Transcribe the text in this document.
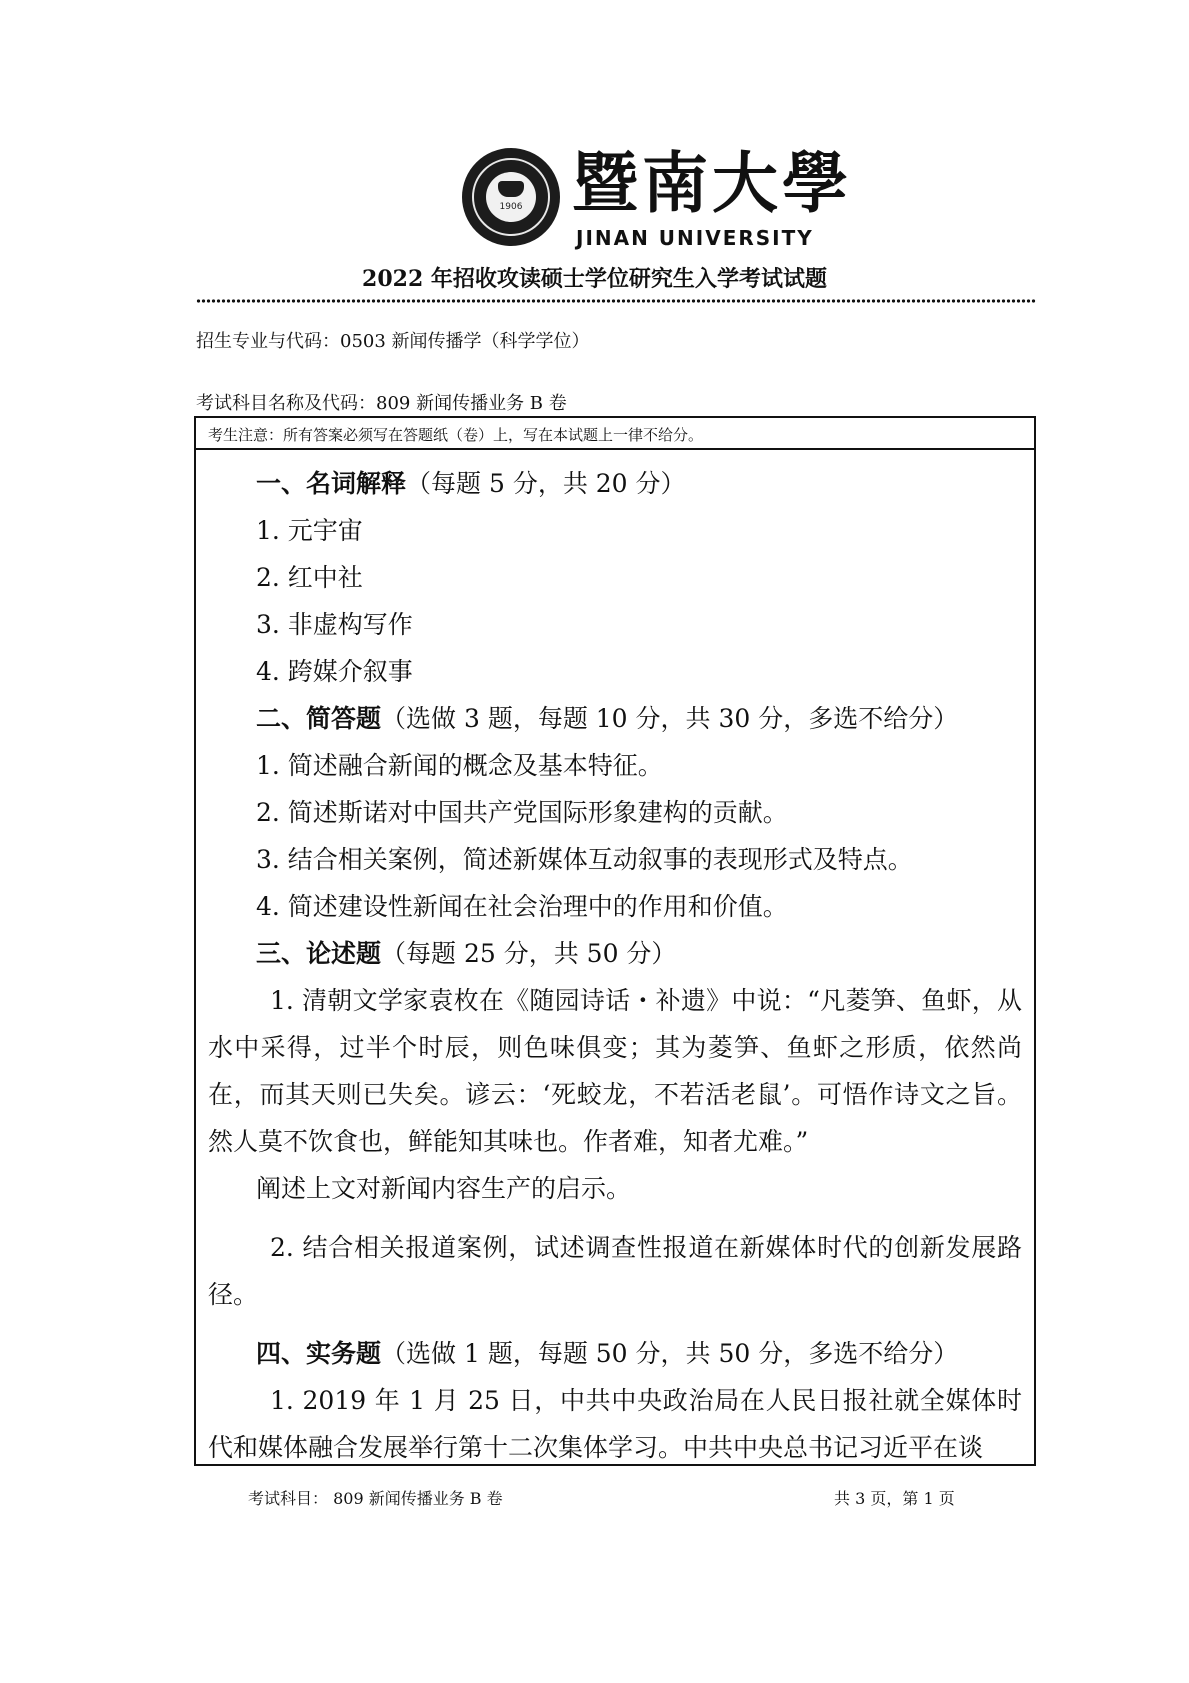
1906 暨南大學
JINAN UNIVERSITY
2022 年招收攻读硕士学位研究生入学考试试题
招生专业与代码：0503 新闻传播学（科学学位）
考试科目名称及代码：809 新闻传播业务 B 卷
考生注意：所有答案必须写在答题纸（卷）上，写在本试题上一律不给分。

一、名词解释（每题 5 分，共 20 分）

1. 元宇宙

2. 红中社

3. 非虚构写作

4. 跨媒介叙事

二、简答题（选做 3 题，每题 10 分，共 30 分，多选不给分）

1. 简述融合新闻的概念及基本特征。

2. 简述斯诺对中国共产党国际形象建构的贡献。

3. 结合相关案例，简述新媒体互动叙事的表现形式及特点。

4. 简述建设性新闻在社会治理中的作用和价值。

三、论述题（每题 25 分，共 50 分）

1. 清朝文学家袁枚在《随园诗话・补遗》中说：“凡菱笋、鱼虾，从水中采得，过半个时辰，则色味俱变；其为菱笋、鱼虾之形质，依然尚在，而其天则已失矣。谚云：‘死蛟龙，不若活老鼠’。可悟作诗文之旨。然人莫不饮食也，鲜能知其味也。作者难，知者尤难。”

阐述上文对新闻内容生产的启示。

2. 结合相关报道案例，试述调查性报道在新媒体时代的创新发展路径。

四、实务题（选做 1 题，每题 50 分，共 50 分，多选不给分）

1. 2019 年 1 月 25 日，中共中央政治局在人民日报社就全媒体时代和媒体融合发展举行第十二次集体学习。中共中央总书记习近平在谈

考试科目： 809 新闻传播业务 B 卷	共 3 页，第 1 页
